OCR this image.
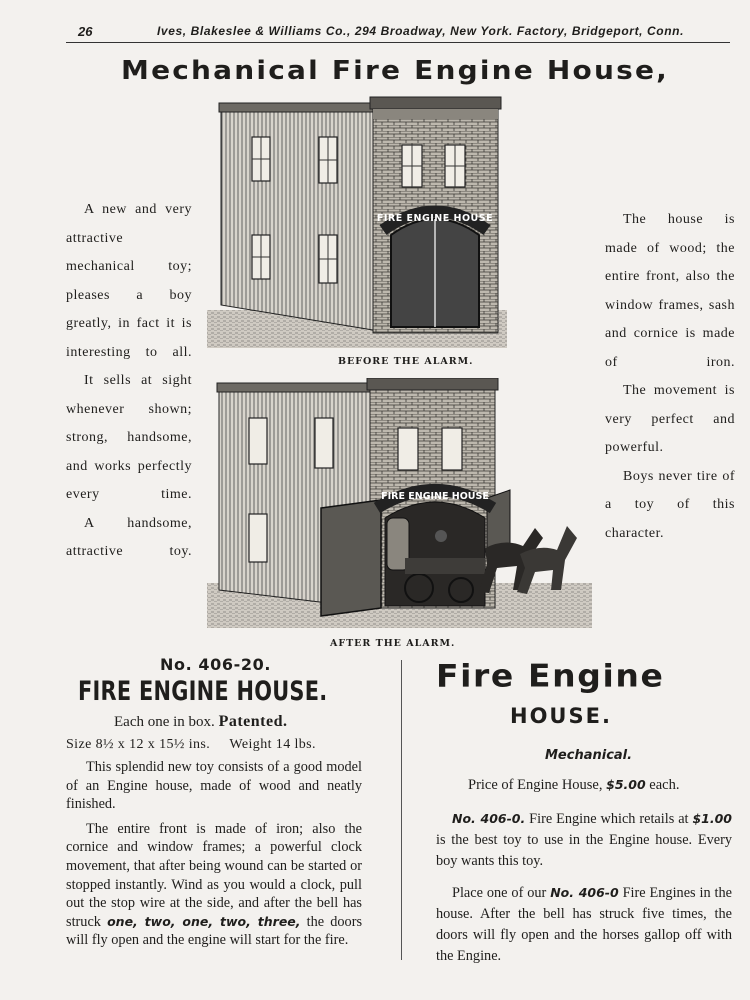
26	Ives, Blakeslee & Williams Co., 294 Broadway, New York. Factory, Bridgeport, Conn.
Mechanical Fire Engine House,

A new and very attractive mechanical toy; pleases a boy greatly, in fact it is interesting to all.

It sells at sight whenever shown; strong, handsome, and works perfectly every time.

A handsome, attractive toy.

The house is made of wood; the entire front, also the window frames, sash and cornice is made of iron.

The movement is very perfect and powerful.

Boys never tire of a toy of this character.

FIRE ENGINE HOUSE
BEFORE THE ALARM.
FIRE ENGINE HOUSE
AFTER THE ALARM.
No. 406-20.
FIRE ENGINE HOUSE.
Each one in box. Patented.
Size 8½ x 12 x 15½ ins. Weight 14 lbs.

This splendid new toy consists of a good model of an Engine house, made of wood and neatly finished.

The entire front is made of iron; also the cornice and window frames; a powerful clock movement, that after being wound can be started or stopped instantly. Wind as you would a clock, pull out the stop wire at the side, and after the bell has struck one, two, one, two, three, the doors will fly open and the engine will start for the fire.

Fire Engine
HOUSE.
Mechanical.
Price of Engine House, $5.00 each.

No. 406-0. Fire Engine which retails at $1.00 is the best toy to use in the Engine house. Every boy wants this toy.

Place one of our No. 406-0 Fire Engines in the house. After the bell has struck five times, the doors will fly open and the horses gallop off with the Engine.
